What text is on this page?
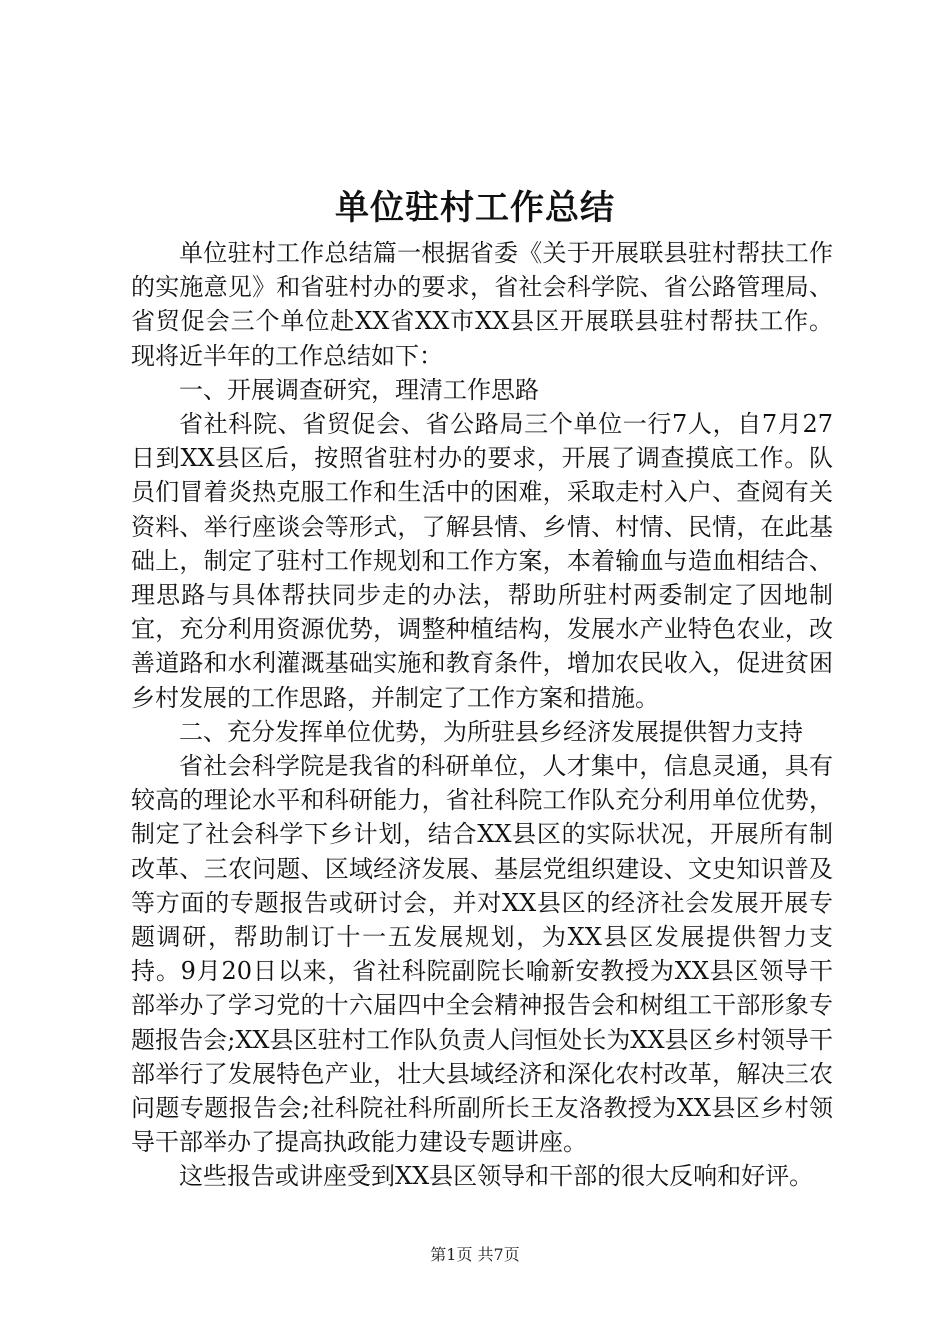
单位驻村工作总结

单位驻村工作总结篇一根据省委《关于开展联县驻村帮扶工作的实施意见》和省驻村办的要求，省社会科学院、省公路管理局、省贸促会三个单位赴XX省XX市XX县区开展联县驻村帮扶工作。现将近半年的工作总结如下：

一、开展调查研究，理清工作思路

省社科院、省贸促会、省公路局三个单位一行7人，自7月27日到XX县区后，按照省驻村办的要求，开展了调查摸底工作。队员们冒着炎热克服工作和生活中的困难，采取走村入户、查阅有关资料、举行座谈会等形式，了解县情、乡情、村情、民情，在此基础上，制定了驻村工作规划和工作方案，本着输血与造血相结合、理思路与具体帮扶同步走的办法，帮助所驻村两委制定了因地制宜，充分利用资源优势，调整种植结构，发展水产业特色农业，改善道路和水利灌溉基础实施和教育条件，增加农民收入，促进贫困乡村发展的工作思路，并制定了工作方案和措施。

二、充分发挥单位优势，为所驻县乡经济发展提供智力支持

省社会科学院是我省的科研单位，人才集中，信息灵通，具有较高的理论水平和科研能力，省社科院工作队充分利用单位优势，制定了社会科学下乡计划，结合XX县区的实际状况，开展所有制改革、三农问题、区域经济发展、基层党组织建设、文史知识普及等方面的专题报告或研讨会，并对XX县区的经济社会发展开展专题调研，帮助制订十一五发展规划，为XX县区发展提供智力支持。9月20日以来，省社科院副院长喻新安教授为XX县区领导干部举办了学习党的十六届四中全会精神报告会和树组工干部形象专题报告会;XX县区驻村工作队负责人闫恒处长为XX县区乡村领导干部举行了发展特色产业，壮大县域经济和深化农村改革，解决三农问题专题报告会;社科院社科所副所长王友洛教授为XX县区乡村领导干部举办了提高执政能力建设专题讲座。

这些报告或讲座受到XX县区领导和干部的很大反响和好评。

第1页 共7页
